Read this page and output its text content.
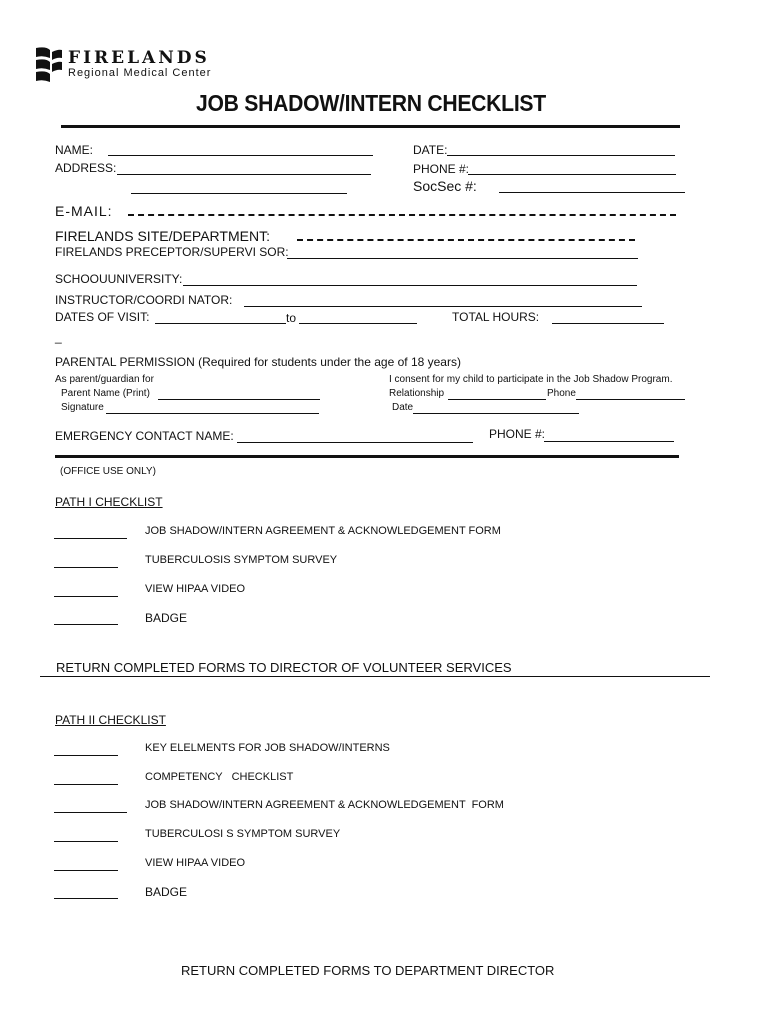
FIRELANDS
Regional Medical Center
JOB SHADOW/INTERN CHECKLIST
NAME:	DATE:
ADDRESS:	PHONE #:
SocSec #:
E-MAIL:
FIRELANDS SITE/DEPARTMENT:
FIRELANDS PRECEPTOR/SUPERVI SOR:
SCHOOUUNIVERSITY:
INSTRUCTOR/COORDI NATOR:
DATES OF VISIT:	to	TOTAL HOURS:
_
PARENTAL PERMISSION (Required for students under the age of 18 years)
As parent/guardian for	I consent for my child to participate in the Job Shadow Program.
Parent Name (Print)	Relationship	Phone
Signature	Date
EMERGENCY CONTACT NAME:	PHONE #:
(OFFICE USE ONLY)
PATH I CHECKLIST
JOB SHADOW/INTERN AGREEMENT & ACKNOWLEDGEMENT FORM
TUBERCULOSIS SYMPTOM SURVEY
VIEW HIPAA VIDEO
BADGE
RETURN COMPLETED FORMS TO DIRECTOR OF VOLUNTEER SERVICES
PATH II CHECKLIST
KEY ELELMENTS FOR JOB SHADOW/INTERNS
COMPETENCY   CHECKLIST
JOB SHADOW/INTERN AGREEMENT & ACKNOWLEDGEMENT  FORM
TUBERCULOSI S SYMPTOM SURVEY
VIEW HIPAA VIDEO
BADGE
RETURN COMPLETED FORMS TO DEPARTMENT DIRECTOR
